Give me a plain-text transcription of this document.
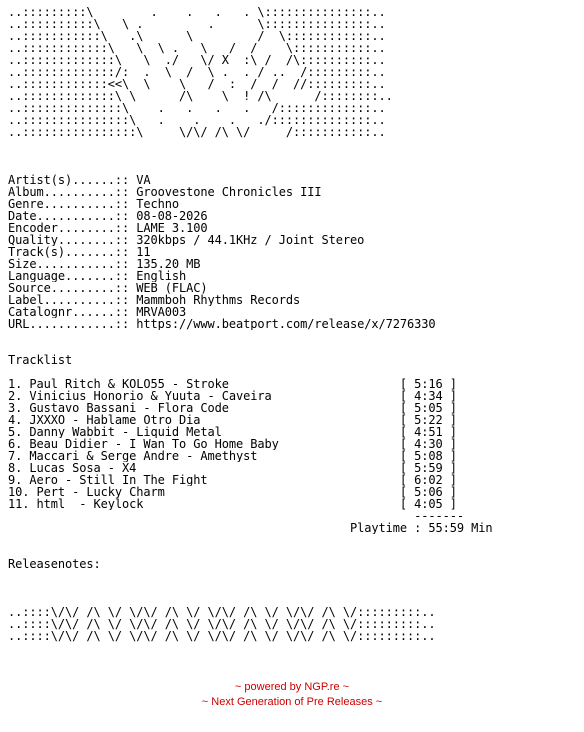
..:::::::::\ ____   .    .   .   . \:::::::::::::::..
..::::::::::\   \ .______   .   ___\:::::::::::::::..
..:::::::::::\   .\___   \ ______  /  \::::::::::::..
..::::::::::::\   \  \ .   \   /  /    \:::::::::::..
..:::::::::::::\   \  ./   \/ X  :\ /  /\::::::::::..
..:::::::::::::/:  .  \  /  \ .  . / ..  /:::::::::..
..::::::::::::<<\  \    \   /  :  /  /  //:::::::::..
..:::::::::::::\_\______/\____\__!_/\______/::::::::..
..::::::::::::::\    .   .   .   .   /:::::::::::::..
..:::::::::::::::\   .    .    .   ./::::::::::::::..
..::::::::::::::::\_____\/\/ /\ \/_____/:::::::::::..
Artist(s)......:: VA
Album..........:: Groovestone Chronicles III
Genre..........:: Techno
Date...........:: 08-08-2026
Encoder........:: LAME 3.100
Quality........:: 320kbps / 44.1KHz / Joint Stereo
Track(s).......:: 11
Size...........:: 135.20 MB
Language.......:: English
Source.........:: WEB (FLAC)
Label..........:: Mammboh Rhythms Records
Catalognr......:: MRVA003
URL............:: https://www.beatport.com/release/x/7276330
Tracklist
1. Paul Ritch & KOLO55 - Stroke                        [ 5:16 ]
2. Vinicius Honorio & Yuuta - Caveira                  [ 4:34 ]
3. Gustavo Bassani - Flora Code                        [ 5:05 ]
4. JXXXO - Hablame Otro Dia                            [ 5:22 ]
5. Danny Wabbit - Liquid Metal                         [ 4:51 ]
6. Beau Didier - I Wan To Go Home Baby                 [ 4:30 ]
7. Maccari & Serge Andre - Amethyst                    [ 5:08 ]
8. Lucas Sosa - X4                                     [ 5:59 ]
9. Aero - Still In The Fight                           [ 6:02 ]
10. Pert - Lucky Charm                                 [ 5:06 ]
11. html_ - Keylock                                    [ 4:05 ]
-------
Playtime : 55:59 Min
Releasenotes:
..::::\/\/ /\ \/ \/\/ /\ \/ \/\/ /\ \/ \/\/ /\ \/:::::::::..
..::::\/\/ /\ \/ \/\/ /\ \/ \/\/ /\ \/ \/\/ /\ \/:::::::::..
..::::\/\/ /\ \/ \/\/ /\ \/ \/\/ /\ \/ \/\/ /\ \/:::::::::..
~ powered by NGP.re ~
~ Next Generation of Pre Releases ~
